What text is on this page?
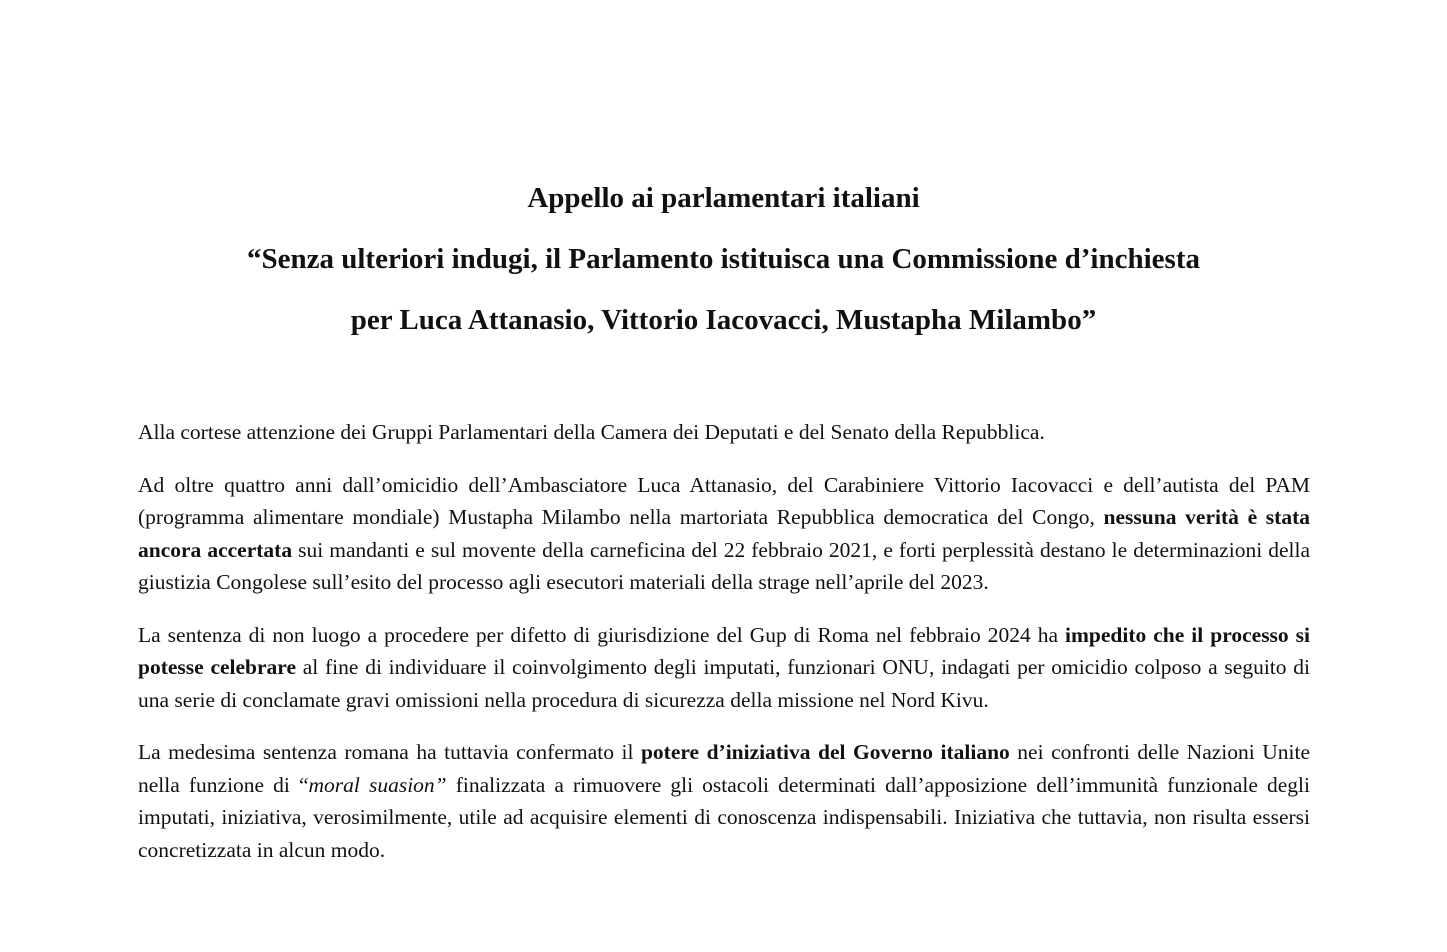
Appello ai parlamentari italiani
“Senza ulteriori indugi, il Parlamento istituisca una Commissione d’inchiesta
per Luca Attanasio, Vittorio Iacovacci, Mustapha Milambo”

Alla cortese attenzione dei Gruppi Parlamentari della Camera dei Deputati e del Senato della Repubblica.

Ad oltre quattro anni dall’omicidio dell’Ambasciatore Luca Attanasio, del Carabiniere Vittorio Iacovacci e dell’autista del PAM (programma alimentare mondiale) Mustapha Milambo nella martoriata Repubblica democratica del Congo, nessuna verità è stata ancora accertata sui mandanti e sul movente della carneficina del 22 febbraio 2021, e forti perplessità destano le determinazioni della giustizia Congolese sull’esito del processo agli esecutori materiali della strage nell’aprile del 2023.

La sentenza di non luogo a procedere per difetto di giurisdizione del Gup di Roma nel febbraio 2024 ha impedito che il processo si potesse celebrare al fine di individuare il coinvolgimento degli imputati, funzionari ONU, indagati per omicidio colposo a seguito di una serie di conclamate gravi omissioni nella procedura di sicurezza della missione nel Nord Kivu.

La medesima sentenza romana ha tuttavia confermato il potere d’iniziativa del Governo italiano nei confronti delle Nazioni Unite nella funzione di “moral suasion” finalizzata a rimuovere gli ostacoli determinati dall’apposizione dell’immunità funzionale degli imputati, iniziativa, verosimilmente, utile ad acquisire elementi di conoscenza indispensabili. Iniziativa che tuttavia, non risulta essersi concretizzata in alcun modo.
